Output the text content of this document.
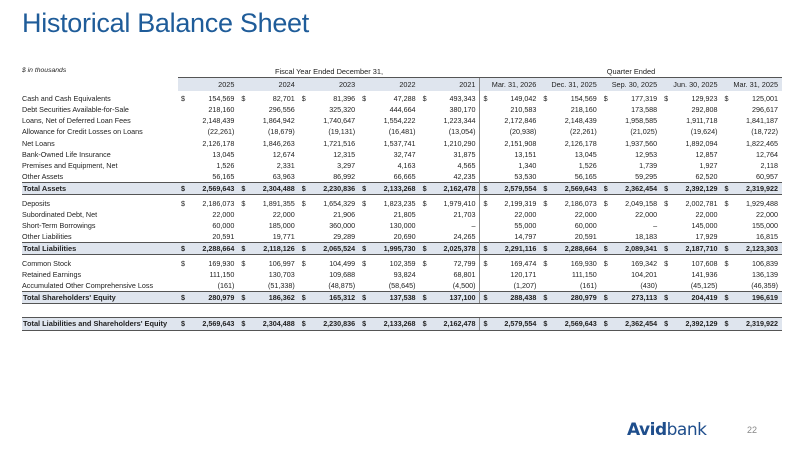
Historical Balance Sheet
$ in thousands	Fiscal Year Ended December 31,					Quarter Ended				
	2025	2024	2023	2022	2021	Mar. 31, 2026	Dec. 31, 2025	Sep. 30, 2025	Jun. 30, 2025	Mar. 31, 2025
Cash and Cash Equivalents	$ 154,569	$ 82,701	$ 81,396	$ 47,288	$ 493,343	$ 149,042	$ 154,569	$ 177,319	$ 129,923	$ 125,001
Debt Securities Available-for-Sale	218,160	296,556	325,320	444,664	380,170	210,583	218,160	173,588	292,808	296,617
Loans, Net of Deferred Loan Fees	2,148,439	1,864,942	1,740,647	1,554,222	1,223,344	2,172,846	2,148,439	1,958,585	1,911,718	1,841,187
Allowance for Credit Losses on Loans	(22,261)	(18,679)	(19,131)	(16,481)	(13,054)	(20,938)	(22,261)	(21,025)	(19,624)	(18,722)
Net Loans	2,126,178	1,846,263	1,721,516	1,537,741	1,210,290	2,151,908	2,126,178	1,937,560	1,892,094	1,822,465
Bank-Owned Life Insurance	13,045	12,674	12,315	32,747	31,875	13,151	13,045	12,953	12,857	12,764
Premises and Equipment, Net	1,526	2,331	3,297	4,163	4,565	1,340	1,526	1,739	1,927	2,118
Other Assets	56,165	63,963	86,992	66,665	42,235	53,530	56,165	59,295	62,520	60,957
Total Assets	$ 2,569,643	$ 2,304,488	$ 2,230,836	$ 2,133,268	$ 2,162,478	$ 2,579,554	$ 2,569,643	$ 2,362,454	$ 2,392,129	$ 2,319,922
Deposits	$ 2,186,073	$ 1,891,355	$ 1,654,329	$ 1,823,235	$ 1,979,410	$ 2,199,319	$ 2,186,073	$ 2,049,158	$ 2,002,781	$ 1,929,488
Subordinated Debt, Net	22,000	22,000	21,906	21,805	21,703	22,000	22,000	22,000	22,000	22,000
Short-Term Borrowings	60,000	185,000	360,000	130,000	–	55,000	60,000	–	145,000	155,000
Other Liabilities	20,591	19,771	29,289	20,690	24,265	14,797	20,591	18,183	17,929	16,815
Total Liabilities	$ 2,288,664	$ 2,118,126	$ 2,065,524	$ 1,995,730	$ 2,025,378	$ 2,291,116	$ 2,288,664	$ 2,089,341	$ 2,187,710	$ 2,123,303
Common Stock	$ 169,930	$ 106,997	$ 104,499	$ 102,359	$ 72,799	$ 169,474	$ 169,930	$ 169,342	$ 107,608	$ 106,839
Retained Earnings	111,150	130,703	109,688	93,824	68,801	120,171	111,150	104,201	141,936	136,139
Accumulated Other Comprehensive Loss	(161)	(51,338)	(48,875)	(58,645)	(4,500)	(1,207)	(161)	(430)	(45,125)	(46,359)
Total Shareholders' Equity	$ 280,979	$ 186,362	$ 165,312	$ 137,538	$ 137,100	$ 288,438	$ 280,979	$ 273,113	$ 204,419	$ 196,619

Total Liabilities and Shareholders' Equity	$ 2,569,643	$ 2,304,488	$ 2,230,836	$ 2,133,268	$ 2,162,478	$ 2,579,554	$ 2,569,643	$ 2,362,454	$ 2,392,129	$ 2,319,922
Avidbank	22
